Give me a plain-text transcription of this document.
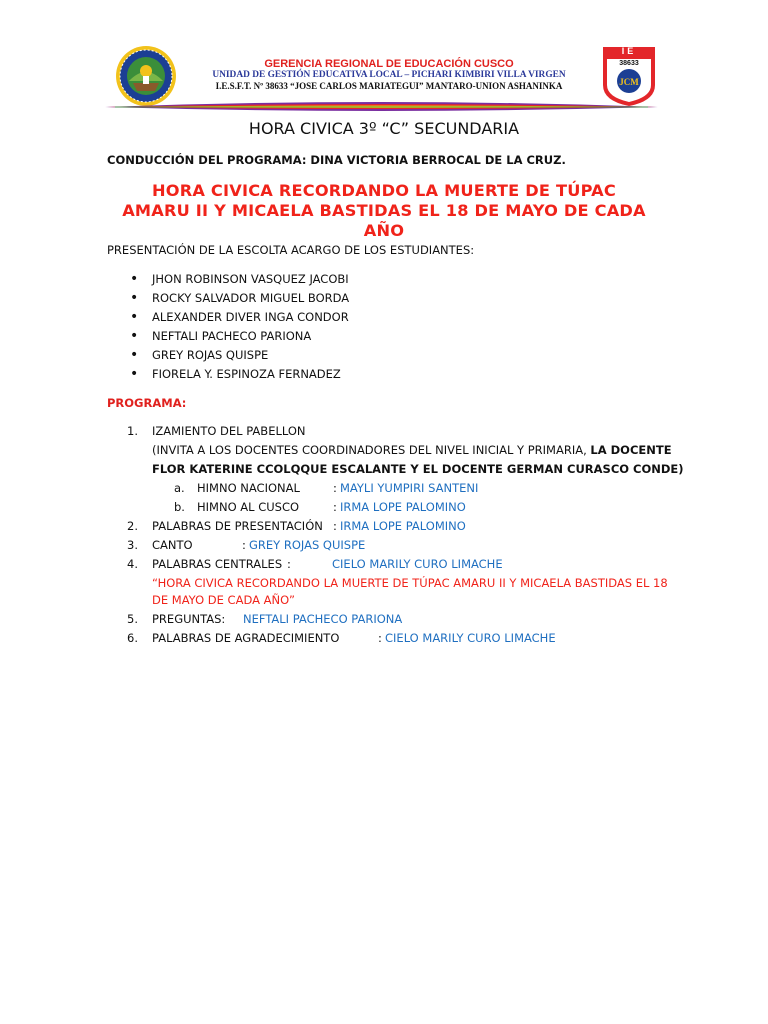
GERENCIA REGIONAL DE EDUCACIÓN CUSCO
UNIDAD DE GESTIÓN EDUCATIVA LOCAL – PICHARI KIMBIRI VILLA VIRGEN
I.E.S.F.T. Nº 38633 “JOSE CARLOS MARIATEGUI” MANTARO-UNION ASHANINKA	JCM
IE
38633
HORA CIVICA 3º “C” SECUNDARIA
CONDUCCIÓN DEL PROGRAMA: DINA VICTORIA BERROCAL DE LA CRUZ.
HORA CIVICA RECORDANDO LA MUERTE DE TÚPAC
AMARU II Y MICAELA BASTIDAS EL 18 DE MAYO DE CADA
AÑO
PRESENTACIÓN DE LA ESCOLTA ACARGO DE LOS ESTUDIANTES:
• JHON ROBINSON VASQUEZ JACOBI
• ROCKY SALVADOR MIGUEL BORDA
• ALEXANDER DIVER INGA CONDOR
• NEFTALI PACHECO PARIONA
• GREY ROJAS QUISPE
• FIORELA Y. ESPINOZA FERNADEZ
PROGRAMA:
1. IZAMIENTO DEL PABELLON
(INVITA A LOS DOCENTES COORDINADORES DEL NIVEL INICIAL Y PRIMARIA, LA DOCENTE
FLOR KATERINE CCOLQQUE ESCALANTE Y EL DOCENTE GERMAN CURASCO CONDE)
a. HIMNO NACIONAL	: MAYLI YUMPIRI SANTENI
b. HIMNO AL CUSCO	: IRMA LOPE PALOMINO
2. PALABRAS DE PRESENTACIÓN : IRMA LOPE PALOMINO
3. CANTO	: GREY ROJAS QUISPE
4. PALABRAS CENTRALES :	CIELO MARILY CURO LIMACHE
“HORA CIVICA RECORDANDO LA MUERTE DE TÚPAC AMARU II Y MICAELA BASTIDAS EL 18
DE MAYO DE CADA AÑO”
5. PREGUNTAS: NEFTALI PACHECO PARIONA
6. PALABRAS DE AGRADECIMIENTO	: CIELO MARILY CURO LIMACHE
